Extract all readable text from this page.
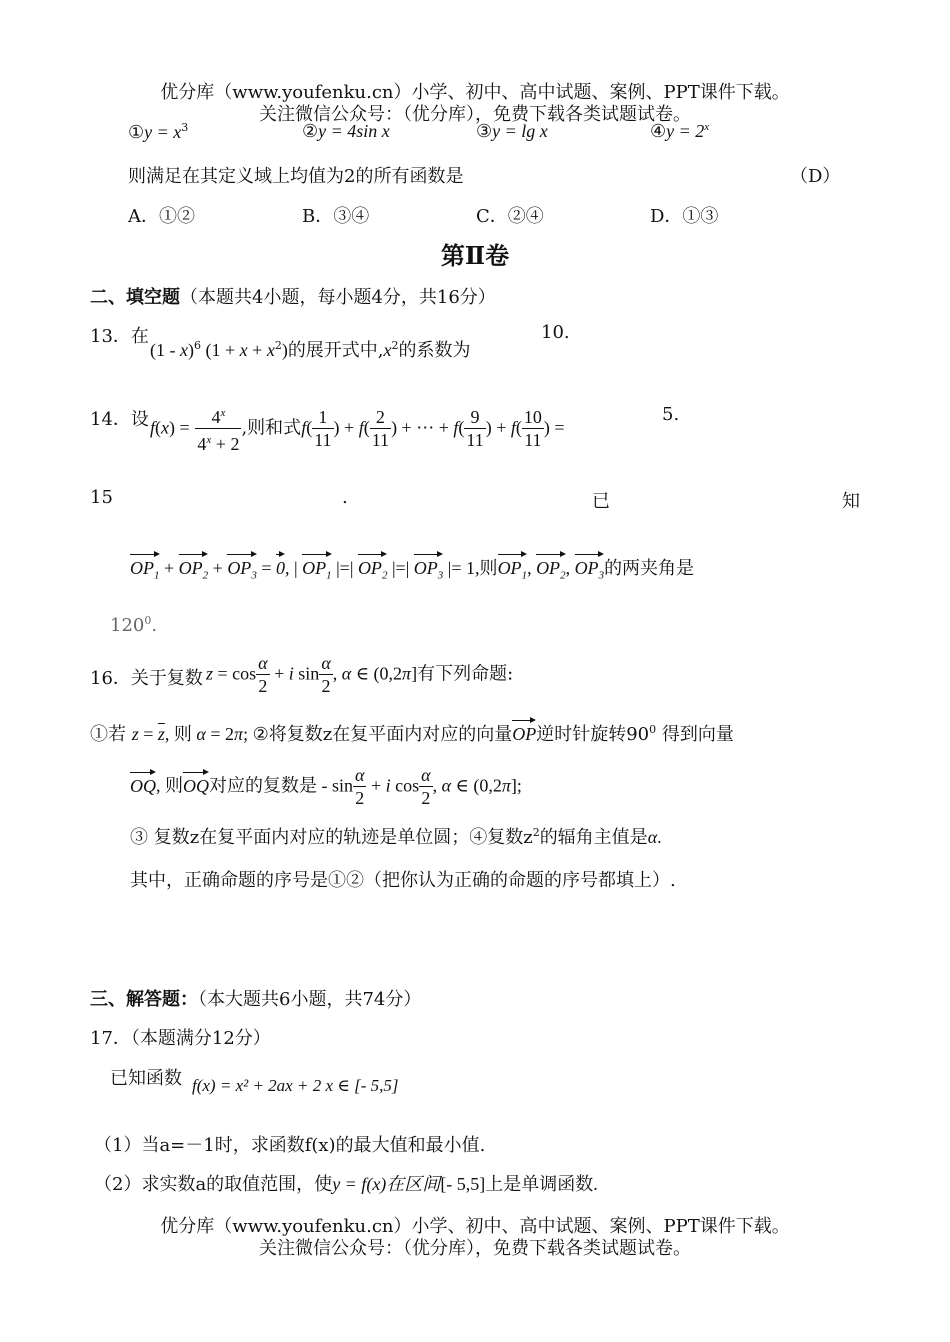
优分库（www.youfenku.cn）小学、初中、高中试题、案例、PPT课件下载。
关注微信公众号：（优分库），免费下载各类试题试卷。
①y = $x^3$	②y = 4sin x	③y = lg x	④y = $2^x$
则满足在其定义域上均值为2的所有函数是	（D）
A．①②	B．③④	C．②④	D．①③
第Ⅱ卷
二、填空题（本题共4小题，每小题4分，共16分）
13．在
(1 - x)$^6$ $(1 + x + x^2)$的展开式中$,x^2$的系数为
10.
14．设 $f(x) = \frac{4^x}{4^x + 2}$ ,则和式$f( \frac{1}{11}$ ) + $f( \frac{2}{11}$ ) + ⋯ + $f( \frac{9}{11}$ ) + $f( \frac{10}{11}$ ) =
5.
15	.	已	知
$OP_1 + OP_2 + OP_3 = 0$, | $OP_1$ |=| $OP_2$ |=| $OP_3$ |= 1,则$OP_1$, $OP_2$, $OP_3$的两夹角是
$120^0$.
16．关于复数 $z = \cos \frac{\alpha}{2} + i$ $\sin \frac{\alpha}{2}$ , α ∈ (0,2π]有下列命题:
①若 $z = \overline{z}$, 则 α = 2π; ②将复数z在复平面内对应的向量OP逆时针旋转$90^0$ 得到向量
OQ, 则OQ对应的复数是 - $\sin \frac{\alpha}{2} + i$ $\cos \frac{\alpha}{2}$ , α ∈ (0,2π];
③ 复数z在复平面内对应的轨迹是单位圆；④复数$z^2$的辐角主值是α.
其中，正确命题的序号是①②（把你认为正确的命题的序号都填上）.
三、解答题：（本大题共6小题，共74分）
17．（本题满分12分）
已知函数 f(x) = x² + 2ax + 2 x ∈ [- 5,5]
（1）当a=－1时，求函数f(x)的最大值和最小值.
（2）求实数a的取值范围，使y = f(x)在区间[- 5,5]上是单调函数.
优分库（www.youfenku.cn）小学、初中、高中试题、案例、PPT课件下载。
关注微信公众号：（优分库），免费下载各类试题试卷。
